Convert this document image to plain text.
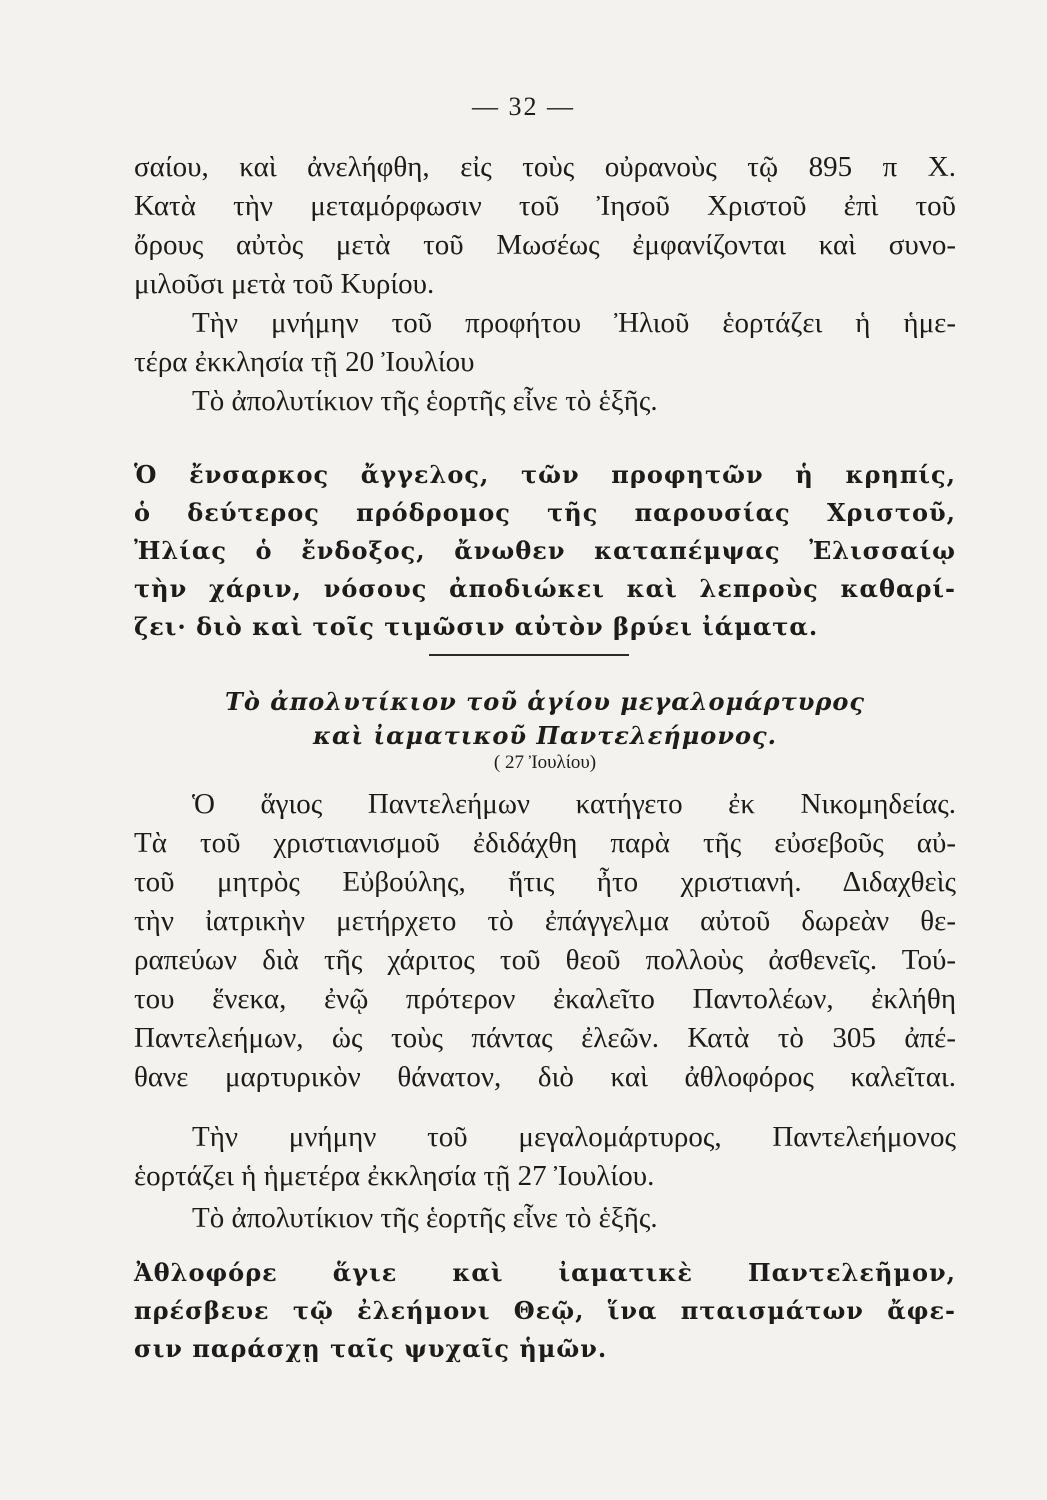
— 32 —
σαίου, καὶ ἀνελήφθη, εἰς τοὺς οὐρανοὺς τῷ 895 π Χ.
Κατὰ τὴν μεταμόρφωσιν τοῦ Ἰησοῦ Χριστοῦ ἐπὶ τοῦ
ὄρους αὐτὸς μετὰ τοῦ Μωσέως ἐμφανίζονται καὶ συνο-
μιλοῦσι μετὰ τοῦ Κυρίου.
Τὴν μνήμην τοῦ προφήτου Ἠλιοῦ ἑορτάζει ἡ ἡμε-
τέρα ἐκκλησία τῇ 20 Ἰουλίου
Τὸ ἀπολυτίκιον τῆς ἑορτῆς εἶνε τὸ ἑξῆς.
Ὁ ἔνσαρκος ἄγγελος, τῶν προφητῶν ἡ κρηπίς,
ὁ δεύτερος πρόδρομος τῆς παρουσίας Χριστοῦ,
Ἠλίας ὁ ἔνδοξος, ἄνωθεν καταπέμψας Ἐλισσαίῳ
τὴν χάριν, νόσους ἀποδιώκει καὶ λεπροὺς καθαρί-
ζει· διὸ καὶ τοῖς τιμῶσιν αὐτὸν βρύει ἰάματα.
Τὸ ἀπολυτίκιον τοῦ ἁγίου μεγαλομάρτυρος
καὶ ἰαματικοῦ Παντελεήμονος.
( 27 Ἰουλίου)
Ὁ ἅγιος Παντελεήμων κατήγετο ἐκ Νικομηδείας.
Τὰ τοῦ χριστιανισμοῦ ἐδιδάχθη παρὰ τῆς εὐσεβοῦς αὐ-
τοῦ μητρὸς Εὐβούλης, ἥτις ἦτο χριστιανή. Διδαχθεὶς
τὴν ἰατρικὴν μετήρχετο τὸ ἐπάγγελμα αὐτοῦ δωρεὰν θε-
ραπεύων διὰ τῆς χάριτος τοῦ θεοῦ πολλοὺς ἀσθενεῖς. Τού-
του ἕνεκα, ἐνῷ πρότερον ἐκαλεῖτο Παντολέων, ἐκλήθη
Παντελεήμων, ὡς τοὺς πάντας ἐλεῶν. Κατὰ τὸ 305 ἀπέ-
θανε μαρτυρικὸν θάνατον, διὸ καὶ ἀθλοφόρος καλεῖται.
Τὴν μνήμην τοῦ μεγαλομάρτυρος, Παντελεήμονος
ἑορτάζει ἡ ἡμετέρα ἐκκλησία τῇ 27 Ἰουλίου.
Τὸ ἀπολυτίκιον τῆς ἑορτῆς εἶνε τὸ ἑξῆς.
Ἀθλοφόρε ἅγιε καὶ ἰαματικὲ Παντελεῆμον,
πρέσβευε τῷ ἐλεήμονι Θεῷ, ἵνα πταισμάτων ἄφε-
σιν παράσχῃ ταῖς ψυχαῖς ἡμῶν.
